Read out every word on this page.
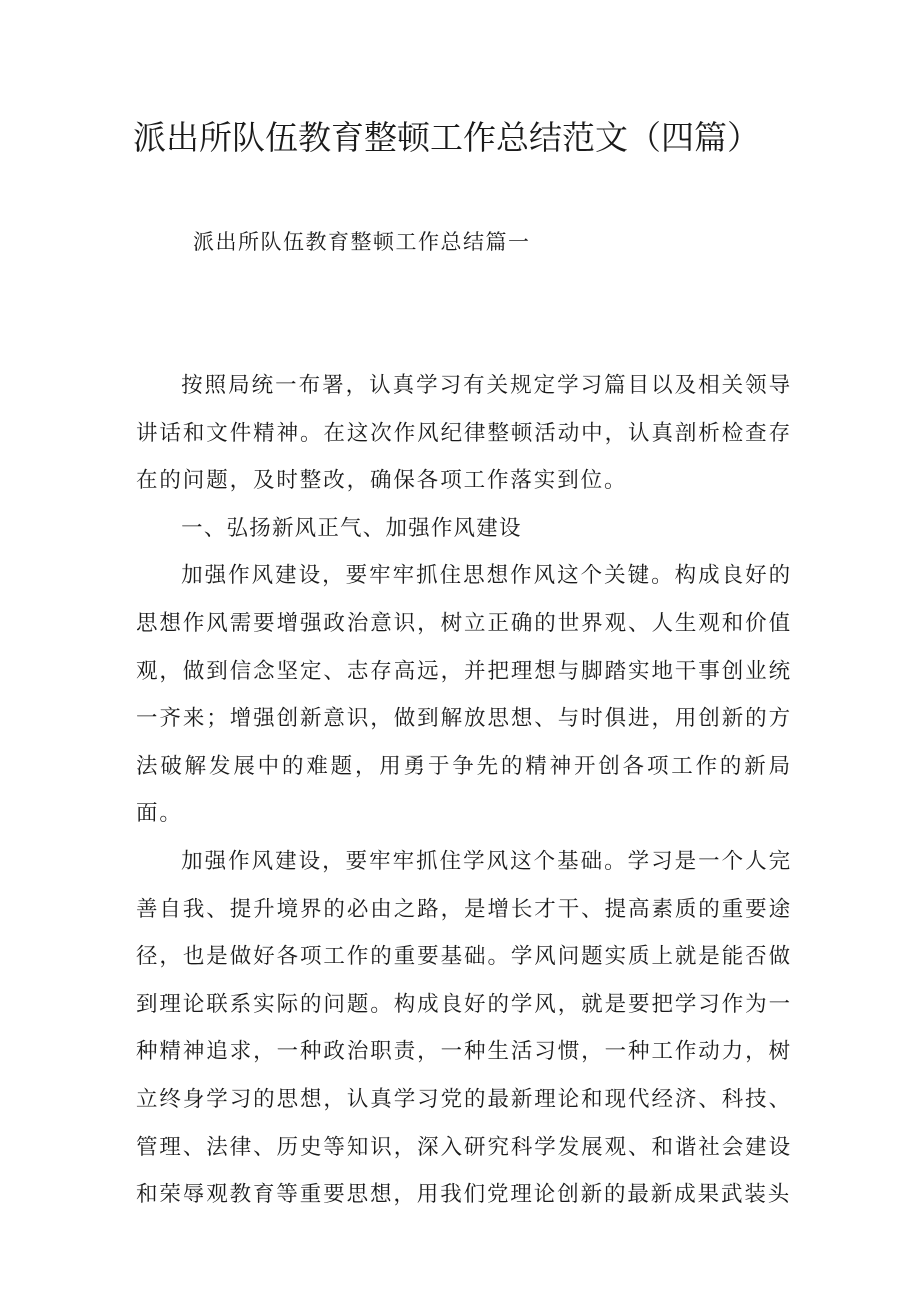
派出所队伍教育整顿工作总结范文（四篇）
派出所队伍教育整顿工作总结篇一

按照局统一布署，认真学习有关规定学习篇目以及相关领导讲话和文件精神。在这次作风纪律整顿活动中，认真剖析检查存在的问题，及时整改，确保各项工作落实到位。

一、弘扬新风正气、加强作风建设

加强作风建设，要牢牢抓住思想作风这个关键。构成良好的思想作风需要增强政治意识，树立正确的世界观、人生观和价值观，做到信念坚定、志存高远，并把理想与脚踏实地干事创业统一齐来；增强创新意识，做到解放思想、与时俱进，用创新的方法破解发展中的难题，用勇于争先的精神开创各项工作的新局面。

加强作风建设，要牢牢抓住学风这个基础。学习是一个人完善自我、提升境界的必由之路，是增长才干、提高素质的重要途径，也是做好各项工作的重要基础。学风问题实质上就是能否做到理论联系实际的问题。构成良好的学风，就是要把学习作为一种精神追求，一种政治职责，一种生活习惯，一种工作动力，树立终身学习的思想，认真学习党的最新理论和现代经济、科技、管理、法律、历史等知识，深入研究科学发展观、和谐社会建设和荣辱观教育等重要思想，用我们党理论创新的最新成果武装头
